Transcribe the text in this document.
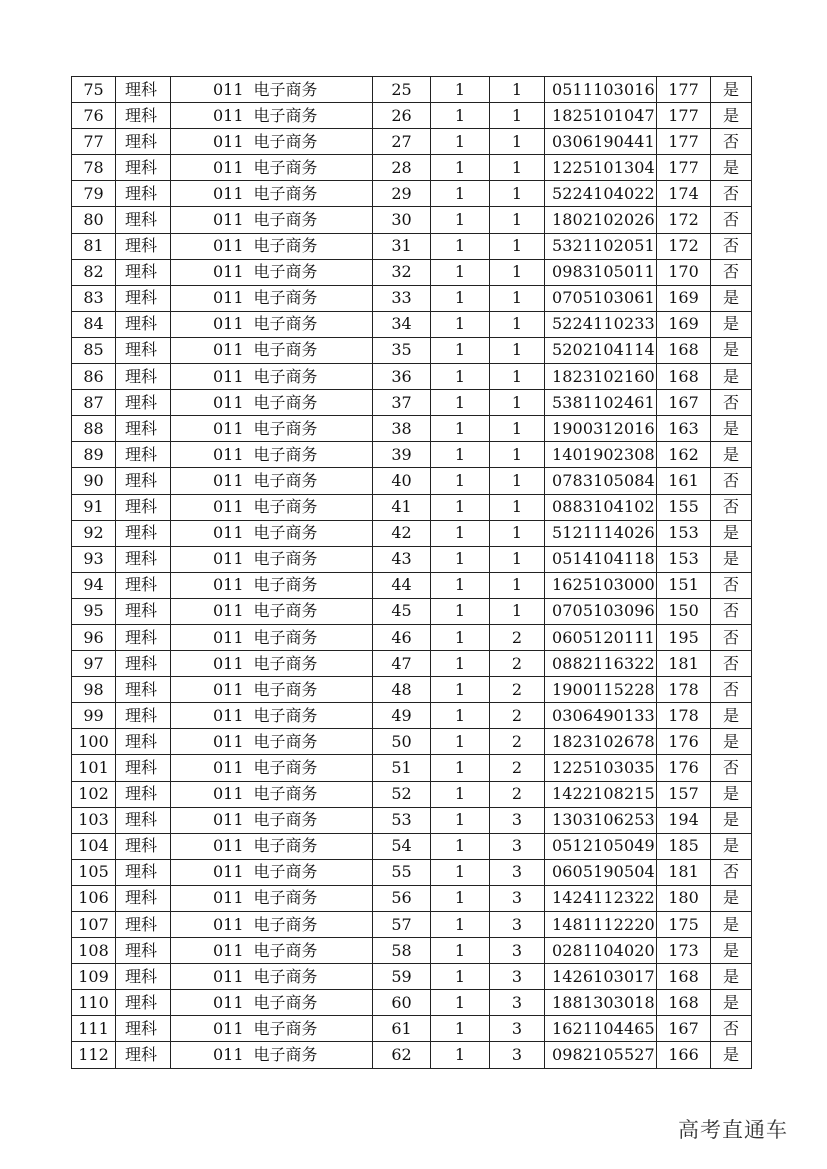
75	理科	011 电子商务	25	1	1	0511103016	177	是
76	理科	011 电子商务	26	1	1	1825101047	177	是
77	理科	011 电子商务	27	1	1	0306190441	177	否
78	理科	011 电子商务	28	1	1	1225101304	177	是
79	理科	011 电子商务	29	1	1	5224104022	174	否
80	理科	011 电子商务	30	1	1	1802102026	172	否
81	理科	011 电子商务	31	1	1	5321102051	172	否
82	理科	011 电子商务	32	1	1	0983105011	170	否
83	理科	011 电子商务	33	1	1	0705103061	169	是
84	理科	011 电子商务	34	1	1	5224110233	169	是
85	理科	011 电子商务	35	1	1	5202104114	168	是
86	理科	011 电子商务	36	1	1	1823102160	168	是
87	理科	011 电子商务	37	1	1	5381102461	167	否
88	理科	011 电子商务	38	1	1	1900312016	163	是
89	理科	011 电子商务	39	1	1	1401902308	162	是
90	理科	011 电子商务	40	1	1	0783105084	161	否
91	理科	011 电子商务	41	1	1	0883104102	155	否
92	理科	011 电子商务	42	1	1	5121114026	153	是
93	理科	011 电子商务	43	1	1	0514104118	153	是
94	理科	011 电子商务	44	1	1	1625103000	151	否
95	理科	011 电子商务	45	1	1	0705103096	150	否
96	理科	011 电子商务	46	1	2	0605120111	195	否
97	理科	011 电子商务	47	1	2	0882116322	181	否
98	理科	011 电子商务	48	1	2	1900115228	178	否
99	理科	011 电子商务	49	1	2	0306490133	178	是
100	理科	011 电子商务	50	1	2	1823102678	176	是
101	理科	011 电子商务	51	1	2	1225103035	176	否
102	理科	011 电子商务	52	1	2	1422108215	157	是
103	理科	011 电子商务	53	1	3	1303106253	194	是
104	理科	011 电子商务	54	1	3	0512105049	185	是
105	理科	011 电子商务	55	1	3	0605190504	181	否
106	理科	011 电子商务	56	1	3	1424112322	180	是
107	理科	011 电子商务	57	1	3	1481112220	175	是
108	理科	011 电子商务	58	1	3	0281104020	173	是
109	理科	011 电子商务	59	1	3	1426103017	168	是
110	理科	011 电子商务	60	1	3	1881303018	168	是
111	理科	011 电子商务	61	1	3	1621104465	167	否
112	理科	011 电子商务	62	1	3	0982105527	166	是
高考直通车
